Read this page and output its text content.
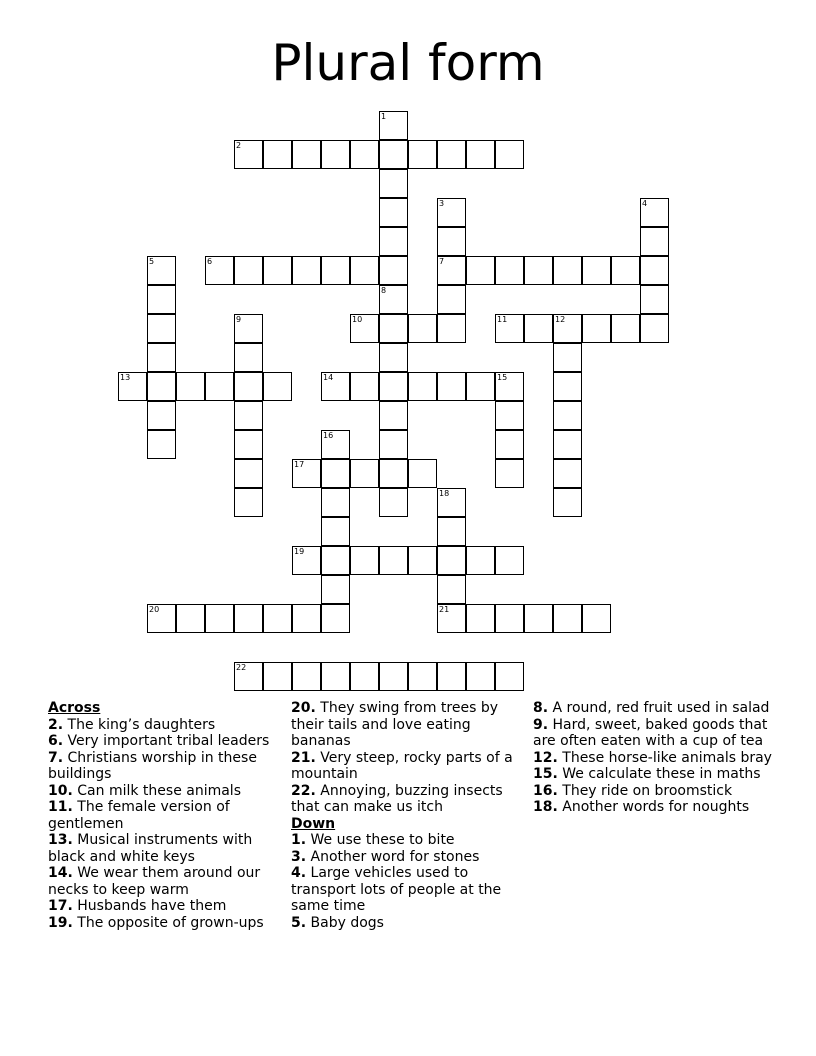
Plural form
1
2
3
7
4
5	6
8
9	10	11	12
13	14	15
16
17
18
21
19
20
22
Across
2. The king’s daughters
6. Very important tribal leaders
7. Christians worship in these buildings
10. Can milk these animals
11. The female version of gentlemen
13. Musical instruments with black and white keys
14. We wear them around our necks to keep warm
17. Husbands have them
19. The opposite of grown-ups
20. They swing from trees by their tails and love eating bananas
21. Very steep, rocky parts of a mountain
22. Annoying, buzzing insects that can make us itch
Down
1. We use these to bite
3. Another word for stones
4. Large vehicles used to transport lots of people at the same time
5. Baby dogs
8. A round, red fruit used in salad
9. Hard, sweet, baked goods that are often eaten with a cup of tea
12. These horse-like animals bray
15. We calculate these in maths
16. They ride on broomstick
18. Another words for noughts
